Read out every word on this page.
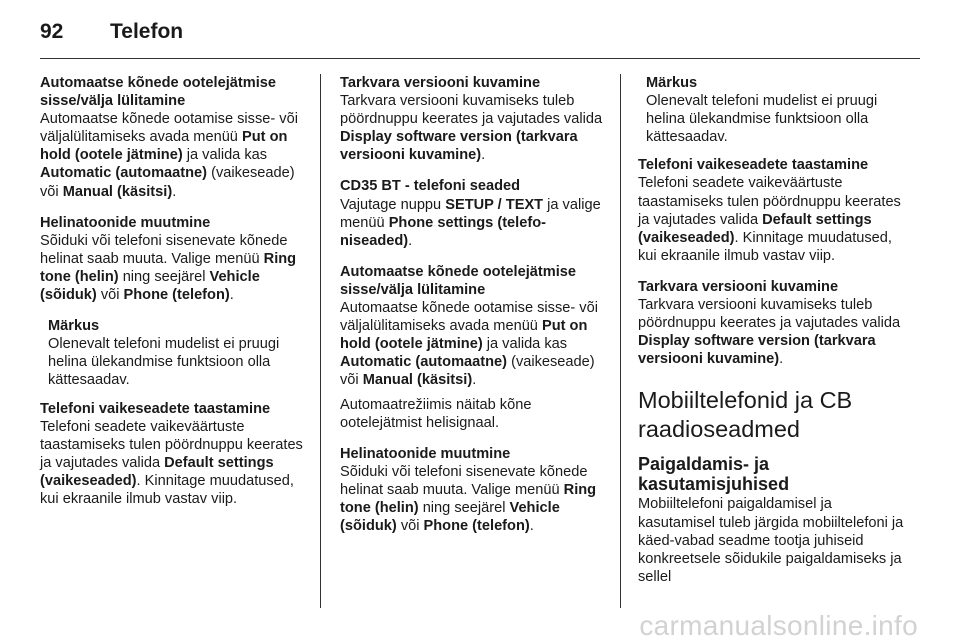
92	Telefon
Automaatse kõnede ootelejätmise sisse/välja lülitamine
Automaatse kõnede ootamise sisse- või väljalülitamiseks avada menüü Put on hold (ootele jätmine) ja valida kas Automatic (automaatne) (vaikeseade) või Manual (käsitsi).
Helinatoonide muutmine
Sõiduki või telefoni sisenevate kõnede helinat saab muuta. Valige menüü Ring tone (helin) ning seejärel Vehicle (sõiduk) või Phone (telefon).
Märkus
Olenevalt telefoni mudelist ei pruugi helina ülekandmise funktsioon olla kättesaadav.
Telefoni vaikeseadete taastamine
Telefoni seadete vaikeväärtuste taastamiseks tulen pöördnuppu keerates ja vajutades valida Default settings (vaikeseaded). Kinnitage muudatused, kui ekraanile ilmub vastav viip.
Tarkvara versiooni kuvamine
Tarkvara versiooni kuvamiseks tuleb pöördnuppu keerates ja vajutades valida Display software version (tarkvara versiooni kuvamine).
CD35 BT - telefoni seaded
Vajutage nuppu SETUP / TEXT ja valige menüü Phone settings (telefo‐ niseaded).
Automaatse kõnede ootelejätmise sisse/välja lülitamine
Automaatse kõnede ootamise sisse- või väljalülitamiseks avada menüü Put on hold (ootele jätmine) ja valida kas Automatic (automaatne) (vaikeseade) või Manual (käsitsi).
Automaatrežiimis näitab kõne ootelejätmist helisignaal.
Helinatoonide muutmine
Sõiduki või telefoni sisenevate kõnede helinat saab muuta. Valige menüü Ring tone (helin) ning seejärel Vehicle (sõiduk) või Phone (telefon).
Märkus
Olenevalt telefoni mudelist ei pruugi helina ülekandmise funktsioon olla kättesaadav.
Telefoni vaikeseadete taastamine
Telefoni seadete vaikeväärtuste taastamiseks tulen pöördnuppu keerates ja vajutades valida Default settings (vaikeseaded). Kinnitage muudatused, kui ekraanile ilmub vastav viip.
Tarkvara versiooni kuvamine
Tarkvara versiooni kuvamiseks tuleb pöördnuppu keerates ja vajutades valida Display software version (tarkvara versiooni kuvamine).
Mobiiltelefonid ja CB raadioseadmed
Paigaldamis- ja kasutamisjuhised
Mobiiltelefoni paigaldamisel ja kasutamisel tuleb järgida mobiiltelefoni ja käed-vabad seadme tootja juhiseid konkreetsele sõidukile paigaldamiseks ja sellel
carmanualsonline.info
